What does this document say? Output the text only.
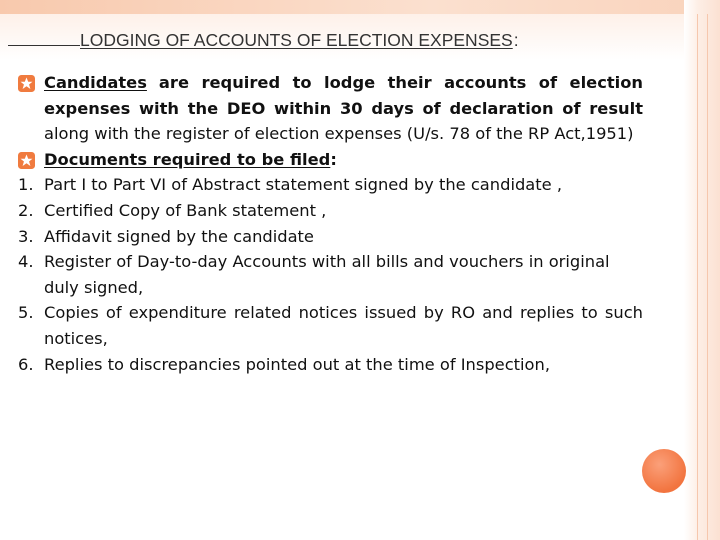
LODGING OF ACCOUNTS OF ELECTION EXPENSES:

Candidates are required to lodge their accounts of election expenses with the DEO within 30 days of declaration of result along with the register of election expenses (U/s. 78 of the RP Act,1951)

Documents required to be filed:

1. Part I to Part VI of Abstract statement signed by the candidate ,

2. Certified Copy of Bank statement ,

3. Affidavit signed by the candidate

4. Register of Day-to-day Accounts with all bills and vouchers in original duly signed,

5. Copies of expenditure related notices issued by RO and replies to such notices,

6. Replies to discrepancies pointed out at the time of Inspection,
